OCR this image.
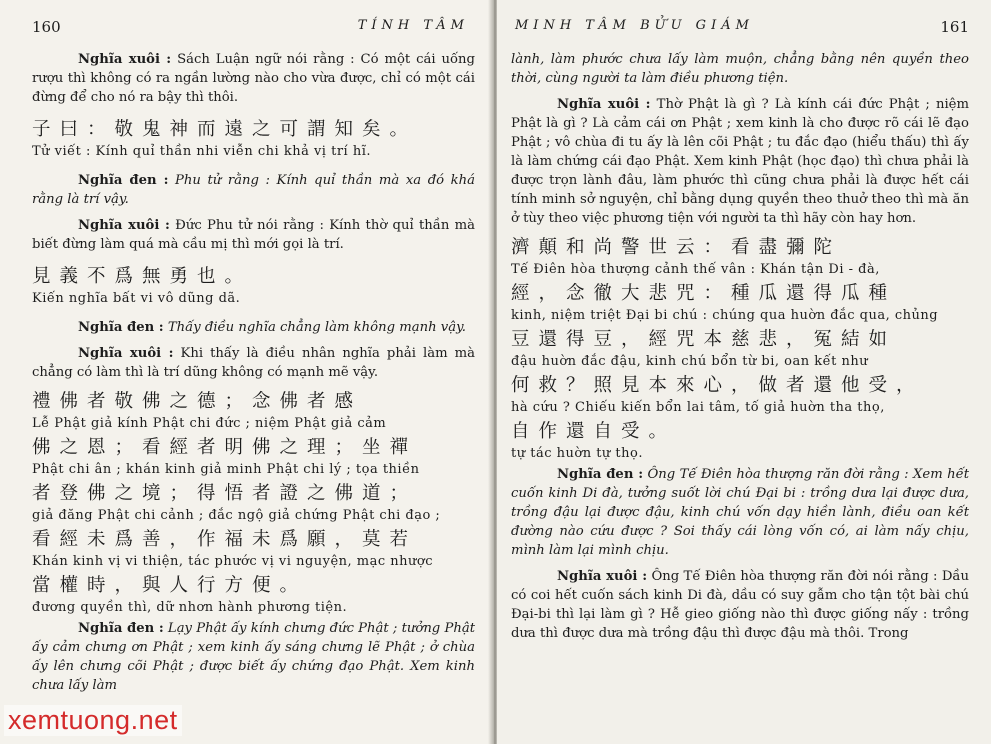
160	TÍNH TÂM

Nghĩa xuôi : Sách Luận ngữ nói rằng : Có một cái uống rượu thì không có ra ngần lường nào cho vừa được, chỉ có một cái đừng để cho nó ra bậy thì thôi.

子曰：敬鬼神而遠之可謂知矣。
Tử viết : Kính quỉ thần nhi viễn chi khả vị trí hĩ.

Nghĩa đen : Phu tử rằng : Kính quỉ thần mà xa đó khá rằng là trí vậy.

Nghĩa xuôi : Đức Phu tử nói rằng : Kính thờ quỉ thần mà biết đừng làm quá mà cầu mị thì mới gọi là trí.

見義不爲無勇也。
Kiến nghĩa bất vi vô dũng dã.

Nghĩa đen : Thấy điều nghĩa chẳng làm không mạnh vậy.

Nghĩa xuôi : Khi thấy là điều nhân nghĩa phải làm mà chẳng có làm thì là trí dũng không có mạnh mẽ vậy.

禮佛者敬佛之德；念佛者感
Lễ Phật giả kính Phật chi đức ; niệm Phật giả cảm
佛之恩；看經者明佛之理；坐禪
Phật chi ân ; khán kinh giả minh Phật chi lý ; tọa thiền
者登佛之境；得悟者證之佛道；
giả đăng Phật chi cảnh ; đắc ngộ giả chứng Phật chi đạo ;
看經未爲善，作福未爲願，莫若
Khán kinh vị vi thiện, tác phước vị vi nguyện, mạc nhược
當權時，與人行方便。
đương quyền thì, dữ nhơn hành phương tiện.

Nghĩa đen : Lạy Phật ấy kính chưng đức Phật ; tưởng Phật ấy cảm chưng ơn Phật ; xem kinh ấy sáng chưng lẽ Phật ; ở chùa ấy lên chưng cõi Phật ; được biết ấy chứng đạo Phật. Xem kinh chưa lấy làm

MINH TÂM BỬU GIÁM	161

lành, làm phước chưa lấy làm muộn, chẳng bằng nên quyền theo thời, cùng người ta làm điều phương tiện.

Nghĩa xuôi : Thờ Phật là gì ? Là kính cái đức Phật ; niệm Phật là gì ? Là cảm cái ơn Phật ; xem kinh là cho được rõ cái lẽ đạo Phật ; vô chùa đi tu ấy là lên cõi Phật ; tu đắc đạo (hiểu thấu) thì ấy là làm chứng cái đạo Phật. Xem kinh Phật (học đạo) thì chưa phải là được trọn lành đâu, làm phước thì cũng chưa phải là được hết cái tính minh sở nguyện, chỉ bằng dụng quyền theo thuở theo thì mà ăn ở tùy theo việc phương tiện với người ta thì hãy còn hay hơn.

濟顛和尚警世云：看盡彌陀
Tế Điên hòa thượng cảnh thế vân : Khán tận Di - đà,
經，念徹大悲咒：種瓜還得瓜種
kinh, niệm triệt Đại bi chú : chúng qua huờn đắc qua, chủng
豆還得豆，經咒本慈悲，冤結如
đậu huờn đắc đậu, kinh chú bổn từ bi, oan kết như
何救？照見本來心，做者還他受，
hà cứu ? Chiếu kiến bổn lai tâm, tố giả huờn tha thọ,
自作還自受。
tự tác huờn tự thọ.

Nghĩa đen : Ông Tế Điên hòa thượng răn đời rằng : Xem hết cuốn kinh Di đà, tưởng suốt lời chú Đại bi : trồng dưa lại được dưa, trồng đậu lại được đậu, kinh chú vốn dạy hiền lành, điều oan kết đường nào cứu được ? Soi thấy cái lòng vốn có, ai làm nấy chịu, mình làm lại mình chịu.

Nghĩa xuôi : Ông Tế Điên hòa thượng răn đời nói rằng : Dầu có coi hết cuốn sách kinh Di đà, dầu có suy gẫm cho tận tột bài chú Đại-bi thì lại làm gì ? Hễ gieo giống nào thì được giống nấy : trồng dưa thì được dưa mà trồng đậu thì được đậu mà thôi. Trong

xemtuong.net
